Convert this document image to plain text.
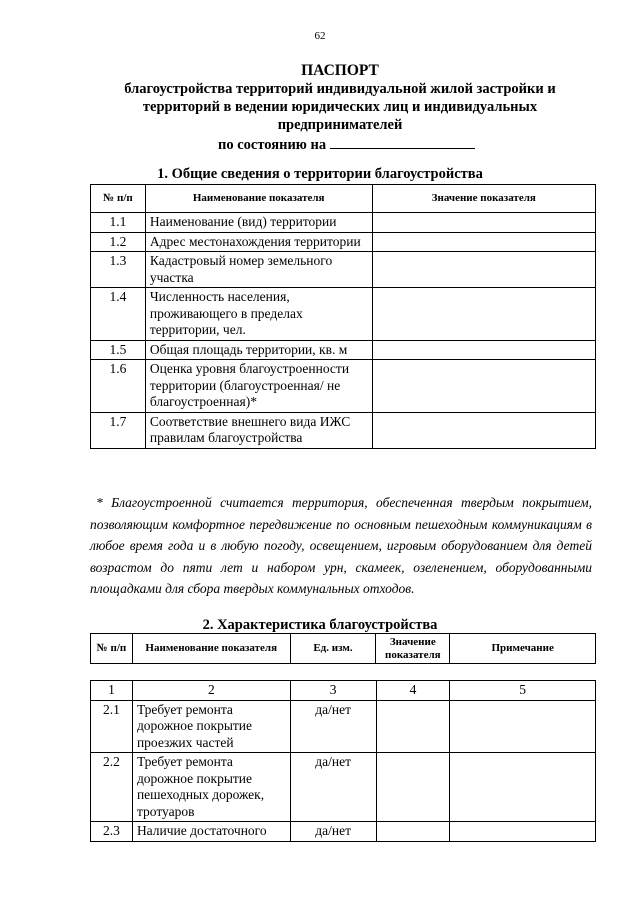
62
ПАСПОРТ
благоустройства территорий индивидуальной жилой застройки и
территорий в ведении юридических лиц и индивидуальных
предпринимателей
по состоянию на
1. Общие сведения о территории благоустройства
№ п/п	Наименование показателя	Значение показателя
1.1	Наименование (вид) территории	
1.2	Адрес местонахождения территории	
1.3	Кадастровый номер земельного участка	
1.4	Численность населения, проживающего в пределах территории, чел.	
1.5	Общая площадь территории, кв. м	
1.6	Оценка уровня благоустроенности территории (благоустроенная/ не благоустроенная)*	
1.7	Соответствие внешнего вида ИЖС правилам благоустройства	

* Благоустроенной считается территория, обеспеченная твердым покрытием, позволяющим комфортное передвижение по основным пешеходным коммуникациям в любое время года и в любую погоду, освещением, игровым оборудованием для детей возрастом до пяти лет и набором урн, скамеек, озеленением, оборудованными площадками для сбора твердых коммунальных отходов.

2. Характеристика благоустройства
№ п/п	Наименование показателя	Ед. изм.	Значение показателя	Примечание
1	2	3	4	5
2.1	Требует ремонта дорожное покрытие проезжих частей	да/нет		
2.2	Требует ремонта дорожное покрытие пешеходных дорожек, тротуаров	да/нет		
2.3	Наличие достаточного	да/нет		
